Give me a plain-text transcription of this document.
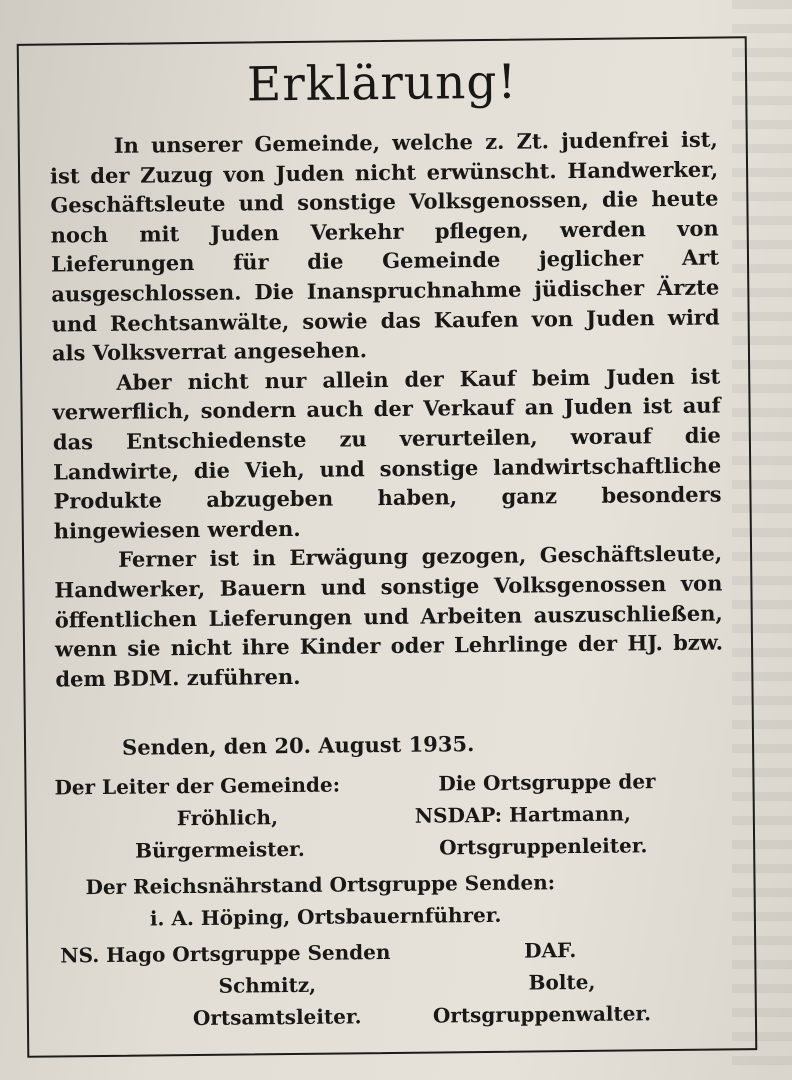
Erklärung!

In unserer Gemeinde, welche z. Zt. judenfrei ist, ist der Zuzug von Juden nicht erwünscht. Handwerker, Geschäftsleute und sonstige Volksgenossen, die heute noch mit Juden Verkehr pflegen, werden von Lieferungen für die Gemeinde jeglicher Art ausgeschlossen. Die Inanspruchnahme jüdischer Ärzte und Rechtsanwälte, sowie das Kaufen von Juden wird als Volksverrat angesehen.

Aber nicht nur allein der Kauf beim Juden ist verwerflich, sondern auch der Verkauf an Juden ist auf das Entschiedenste zu verurteilen, worauf die Landwirte, die Vieh, und sonstige landwirtschaftliche Produkte abzugeben haben, ganz besonders hingewiesen werden.

Ferner ist in Erwägung gezogen, Geschäftsleute, Handwerker, Bauern und sonstige Volksgenossen von öffentlichen Lieferungen und Arbeiten auszuschließen, wenn sie nicht ihre Kinder oder Lehrlinge der HJ. bzw. dem BDM. zuführen.

Senden, den 20. August 1935.
Der Leiter der Gemeinde:	Die Ortsgruppe der
Fröhlich,	NSDAP: Hartmann,
Bürgermeister.	Ortsgruppenleiter.
Der Reichsnährstand Ortsgruppe Senden:
i. A. Höping, Ortsbauernführer.
NS. Hago Ortsgruppe Senden	DAF.
Schmitz,	Bolte,
Ortsamtsleiter.	Ortsgruppenwalter.
